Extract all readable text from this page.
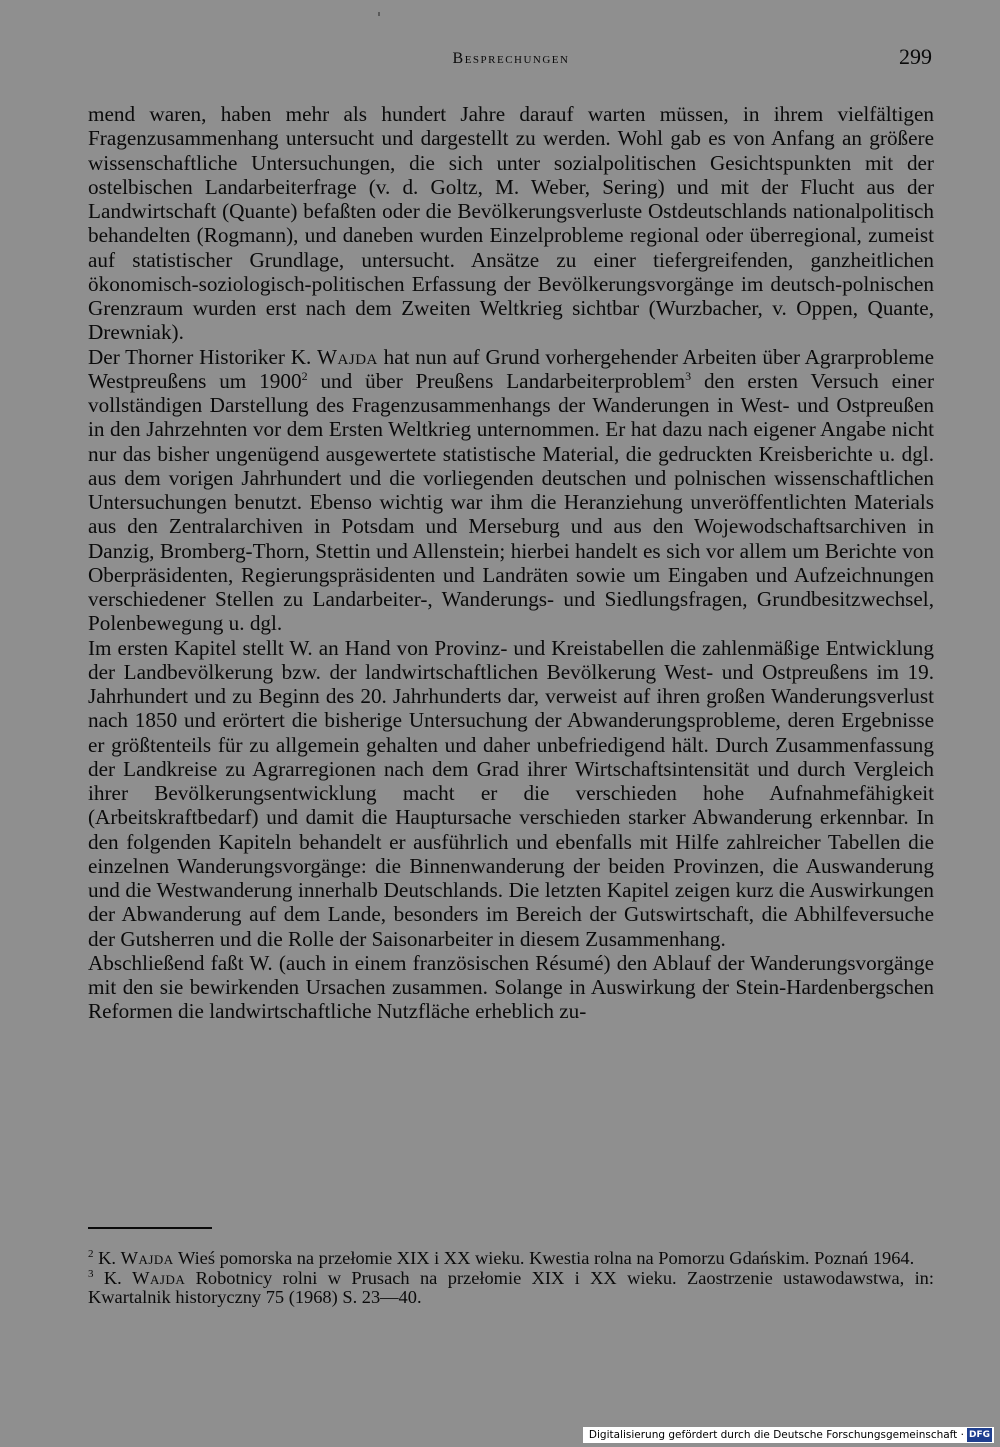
Besprechungen	299

mend waren, haben mehr als hundert Jahre darauf warten müssen, in ihrem vielfältigen Fragenzusammenhang untersucht und dargestellt zu werden. Wohl gab es von Anfang an größere wissenschaftliche Untersuchungen, die sich unter sozialpolitischen Gesichtspunkten mit der ostelbischen Landarbeiterfrage (v. d. Goltz, M. Weber, Sering) und mit der Flucht aus der Landwirtschaft (Quante) befaßten oder die Bevölkerungsverluste Ostdeutschlands nationalpolitisch behandelten (Rogmann), und daneben wurden Einzelprobleme regional oder überregional, zumeist auf statistischer Grundlage, untersucht. Ansätze zu einer tiefergreifenden, ganzheitlichen ökonomisch-soziologisch-politischen Erfassung der Bevölkerungsvorgänge im deutsch-polnischen Grenzraum wurden erst nach dem Zweiten Weltkrieg sichtbar (Wurzbacher, v. Oppen, Quante, Drewniak).

Der Thorner Historiker K. Wajda hat nun auf Grund vorhergehender Arbeiten über Agrarprobleme Westpreußens um 1900$^2$ und über Preußens Landarbeiterproblem$^3$ den ersten Versuch einer vollständigen Darstellung des Fragenzusammenhangs der Wanderungen in West- und Ostpreußen in den Jahrzehnten vor dem Ersten Weltkrieg unternommen. Er hat dazu nach eigener Angabe nicht nur das bisher ungenügend ausgewertete statistische Material, die gedruckten Kreisberichte u. dgl. aus dem vorigen Jahrhundert und die vorliegenden deutschen und polnischen wissenschaftlichen Untersuchungen benutzt. Ebenso wichtig war ihm die Heranziehung unveröffentlichten Materials aus den Zentralarchiven in Potsdam und Merseburg und aus den Wojewodschaftsarchiven in Danzig, Bromberg-Thorn, Stettin und Allenstein; hierbei handelt es sich vor allem um Berichte von Oberpräsidenten, Regierungspräsidenten und Landräten sowie um Eingaben und Aufzeichnungen verschiedener Stellen zu Landarbeiter-, Wanderungs- und Siedlungsfragen, Grundbesitzwechsel, Polenbewegung u. dgl.

Im ersten Kapitel stellt W. an Hand von Provinz- und Kreistabellen die zahlenmäßige Entwicklung der Landbevölkerung bzw. der landwirtschaftlichen Bevölkerung West- und Ostpreußens im 19. Jahrhundert und zu Beginn des 20. Jahrhunderts dar, verweist auf ihren großen Wanderungsverlust nach 1850 und erörtert die bisherige Untersuchung der Abwanderungsprobleme, deren Ergebnisse er größtenteils für zu allgemein gehalten und daher unbefriedigend hält. Durch Zusammenfassung der Landkreise zu Agrarregionen nach dem Grad ihrer Wirtschaftsintensität und durch Vergleich ihrer Bevölkerungsentwicklung macht er die verschieden hohe Aufnahmefähigkeit (Arbeitskraftbedarf) und damit die Hauptursache verschieden starker Abwanderung erkennbar. In den folgenden Kapiteln behandelt er ausführlich und ebenfalls mit Hilfe zahlreicher Tabellen die einzelnen Wanderungsvorgänge: die Binnenwanderung der beiden Provinzen, die Auswanderung und die Westwanderung innerhalb Deutschlands. Die letzten Kapitel zeigen kurz die Auswirkungen der Abwanderung auf dem Lande, besonders im Bereich der Gutswirtschaft, die Abhilfeversuche der Gutsherren und die Rolle der Saisonarbeiter in diesem Zusammenhang.

Abschließend faßt W. (auch in einem französischen Résumé) den Ablauf der Wanderungsvorgänge mit den sie bewirkenden Ursachen zusammen. Solange in Auswirkung der Stein-Hardenbergschen Reformen die landwirtschaftliche Nutzfläche erheblich zu-

$^2$ K. Wajda Wieś pomorska na przełomie XIX i XX wieku. Kwestia rolna na Pomorzu Gdańskim. Poznań 1964.

$^3$ K. Wajda Robotnicy rolni w Prusach na przełomie XIX i XX wieku. Zaostrzenie ustawodawstwa, in: Kwartalnik historyczny 75 (1968) S. 23—40.

Digitalisierung gefördert durch die Deutsche Forschungsgemeinschaft · DFG
